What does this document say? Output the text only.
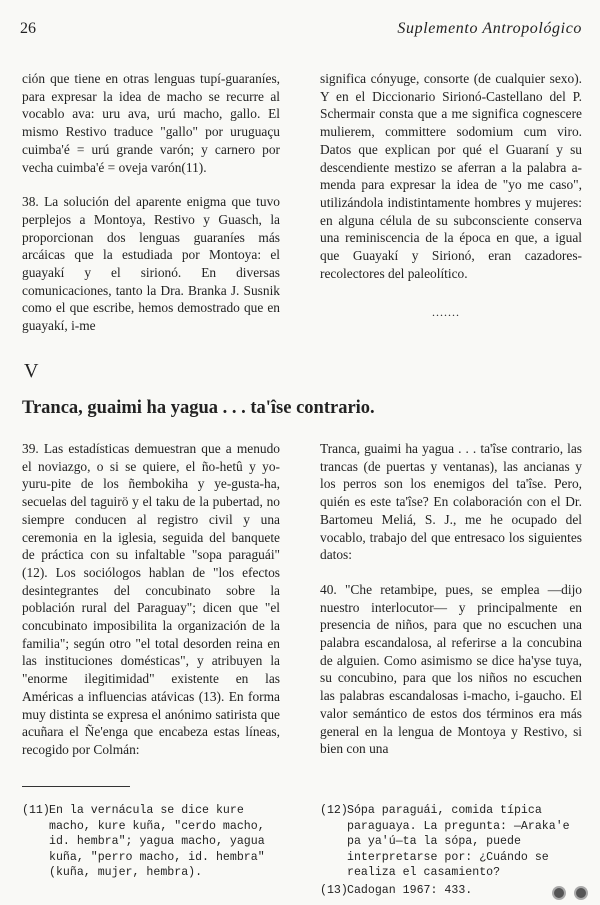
26	Suplemento Antropológico

ción que tiene en otras lenguas tupí-guaraníes, para expresar la idea de macho se recurre al vocablo ava: uru ava, urú macho, gallo. El mismo Restivo traduce "gallo" por uruguaçu cuimba'é = urú grande varón; y carnero por vecha cuimba'é = oveja varón(11).

38. La solución del aparente enigma que tuvo perplejos a Montoya, Restivo y Guasch, la proporcionan dos lenguas guaraníes más arcáicas que la estudiada por Montoya: el guayakí y el sirionó. En diversas comunicaciones, tanto la Dra. Branka J. Susnik como el que escribe, hemos demostrado que en guayakí, i-me

significa cónyuge, consorte (de cualquier sexo). Y en el Diccionario Sirionó-Castellano del P. Schermair consta que a me significa cognescere mulierem, committere sodomium cum viro. Datos que explican por qué el Guaraní y su descendiente mestizo se aferran a la palabra a-menda para expresar la idea de "yo me caso", utilizándola indistintamente hombres y mujeres: en alguna célula de su subconsciente conserva una reminiscencia de la época en que, a igual que Guayakí y Sirionó, eran cazadores-recolectores del paleolítico.

.......
V
Tranca, guaimi ha yagua . . . ta'îse contrario.

39. Las estadísticas demuestran que a menudo el noviazgo, o si se quiere, el ño-hetû y yo-yuru-pite de los ñembokiha y ye-gusta-ha, secuelas del taguirö y el taku de la pubertad, no siempre conducen al registro civil y una ceremonia en la iglesia, seguida del banquete de práctica con su infaltable "sopa paraguái"(12). Los sociólogos hablan de "los efectos desintegrantes del concubinato sobre la población rural del Paraguay"; dicen que "el concubinato imposibilita la organización de la familia"; según otro "el total desorden reina en las instituciones domésticas", y atribuyen la "enorme ilegitimidad" existente en las Américas a influencias atávicas (13). En forma muy distinta se expresa el anónimo satirista que acuñara el Ñe'enga que encabeza estas líneas, recogido por Colmán:

Tranca, guaimi ha yagua . . . ta'îse contrario, las trancas (de puertas y ventanas), las ancianas y los perros son los enemigos del ta'îse. Pero, quién es este ta'îse? En colaboración con el Dr. Bartomeu Meliá, S. J., me he ocupado del vocablo, trabajo del que entresaco los siguientes datos:

40. "Che retambipe, pues, se emplea —dijo nuestro interlocutor— y principalmente en presencia de niños, para que no escuchen una palabra escandalosa, al referirse a la concubina de alguien. Como asimismo se dice ha'yse tuya, su concubino, para que los niños no escuchen las palabras escandalosas i-macho, i-gaucho. El valor semántico de estos dos términos era más general en la lengua de Montoya y Restivo, si bien con una

(11) En la vernácula se dice kure macho, kure kuña, "cerdo macho, id. hembra"; yagua macho, yagua kuña, "perro macho, id. hembra" (kuña, mujer, hembra).
(12) Sópa paraguái, comida típica paraguaya. La pregunta: —Araka'e pa ya'ú—ta la sópa, puede interpretarse por: ¿Cuándo se realiza el casamiento?
(13) Cadogan 1967: 433.
